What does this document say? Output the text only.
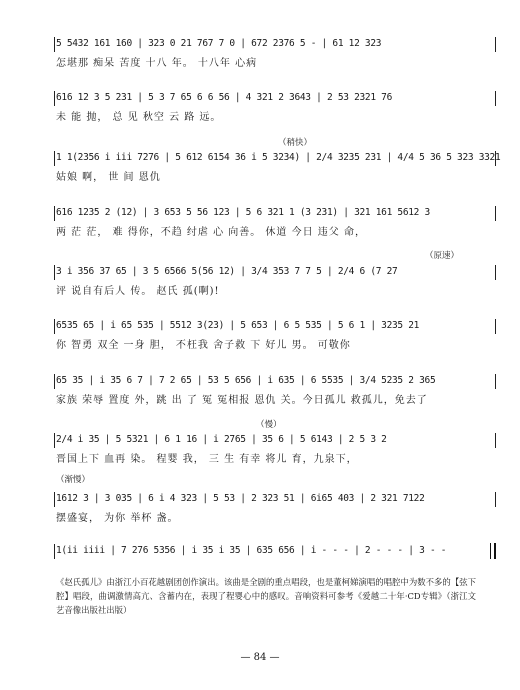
（稍快）
（原速）
（慢）
（渐慢）
5 5432 161 160 | 323 0 21 767 7 0 | 672 2376 5 - | 61 12 323
怎堪那 痴呆 苦度 十八 年。 十八年 心病
616 12 3 5 231 | 5 3 7 65 6 6 56 | 4 321 2 3643 | 2 53 2321 76
未 能 抛， 总 见 秋空 云 路 远。
1 1(2356 i iii 7276 | 5 612 6154 36 i 5 3234) | 2/4 3235 231 | 4/4 5 36 5 323 3321
姑娘 啊， 世 间 恩仇
616 1235 2 (12) | 3 653 5 56 123 | 5 6 321 1 (3 231) | 321 161 5612 3
两 茫 茫， 难 得你，不趋 纣虐 心 向善。 休道 今日 违父 命，
3 i 356 37 65 | 3 5 6566 5(56 12) | 3/4 353 7 7 5 | 2/4 6 (7 27
评 说自有后人 传。 赵氏 孤(啊)!
6535 65 | i 65 535 | 5512 3(23) | 5 653 | 6 5 535 | 5 6 1 | 3235 21
你 智勇 双全 一身 胆， 不枉我 舍子救 下 好儿 男。 可敬你
65 35 | i 35 6 7 | 7 2 65 | 53 5 656 | i 635 | 6 5535 | 3/4 5235 2 365
家族 荣辱 置度 外，跳 出 了 冤 冤相报 恩仇 关。今日孤儿 救孤儿，免去了
2/4 i 35 | 5 5321 | 6 1 16 | i 2765 | 35 6 | 5 6143 | 2 5 3 2
晋国上下 血再 染。 程婴 我， 三 生 有幸 将儿 育，九泉下，
1612 3 | 3 035 | 6 i 4 323 | 5 53 | 2 323 51 | 6i65 403 | 2 321 7122
摆盛宴， 为你 举杯 盏。
1(ii iiii | 7 276 5356 | i 35 i 35 | 635 656 | i - - - | 2 - - - | 3 - -
《赵氏孤儿》由浙江小百花越剧团创作演出。该曲是全剧的重点唱段，也是董柯娣演唱的唱腔中为数不多的【弦下腔】唱段，曲调激情高亢、含蓄内在，表现了程婴心中的感叹。音响资料可参考《爱越二十年·CD专辑》（浙江文艺音像出版社出版）
— 84 —
